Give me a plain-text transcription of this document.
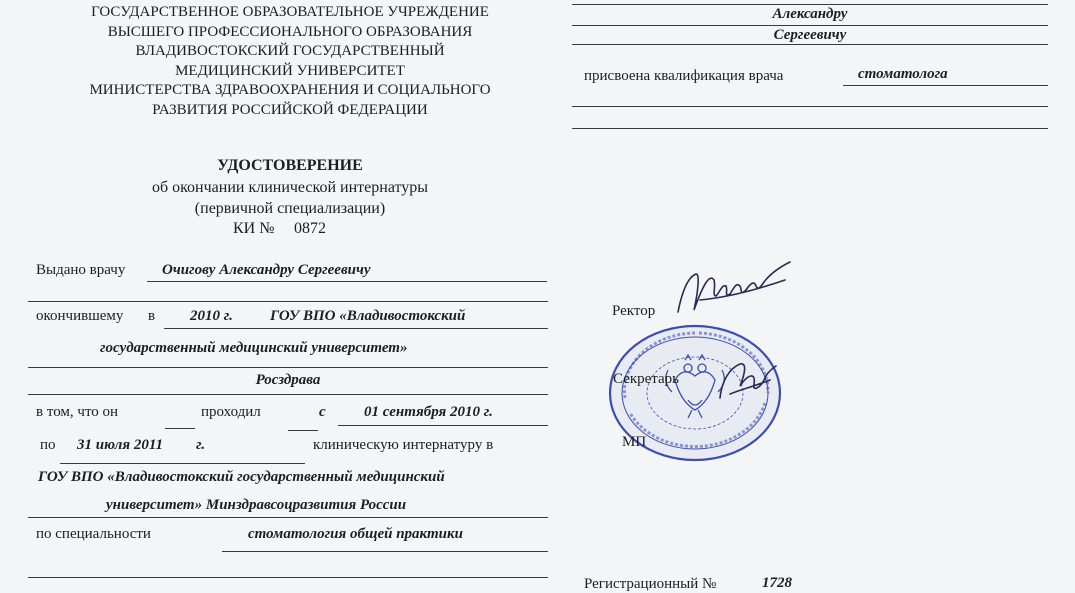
ГОСУДАРСТВЕННОЕ ОБРАЗОВАТЕЛЬНОЕ УЧРЕЖДЕНИЕ
ВЫСШЕГО ПРОФЕССИОНАЛЬНОГО ОБРАЗОВАНИЯ
ВЛАДИВОСТОКСКИЙ ГОСУДАРСТВЕННЫЙ
МЕДИЦИНСКИЙ УНИВЕРСИТЕТ
МИНИСТЕРСТВА ЗДРАВООХРАНЕНИЯ И СОЦИАЛЬНОГО
РАЗВИТИЯ РОССИЙСКОЙ ФЕДЕРАЦИИ
УДОСТОВЕРЕНИЕ
об окончании клинической интернатуры
(первичной специализации)
КИ № 0872
Выдано врачу Очигову Александру Сергеевичу
окончившему в 2010 г. ГОУ ВПО «Владивостокский
государственный медицинский университет»
Росздрава
в том, что он	проходил	с	01 сентября 2010 г.
по 31 июля 2011 г.	клиническую интернатуру в
ГОУ ВПО «Владивостокский государственный медицинский
университет» Минздравсоцразвития России
по специальности	стоматология общей практики
Александру
Сергеевичу
присвоена квалификация врача	стоматолога
Ректор
Секретарь
МП
Регистрационный №	1728
